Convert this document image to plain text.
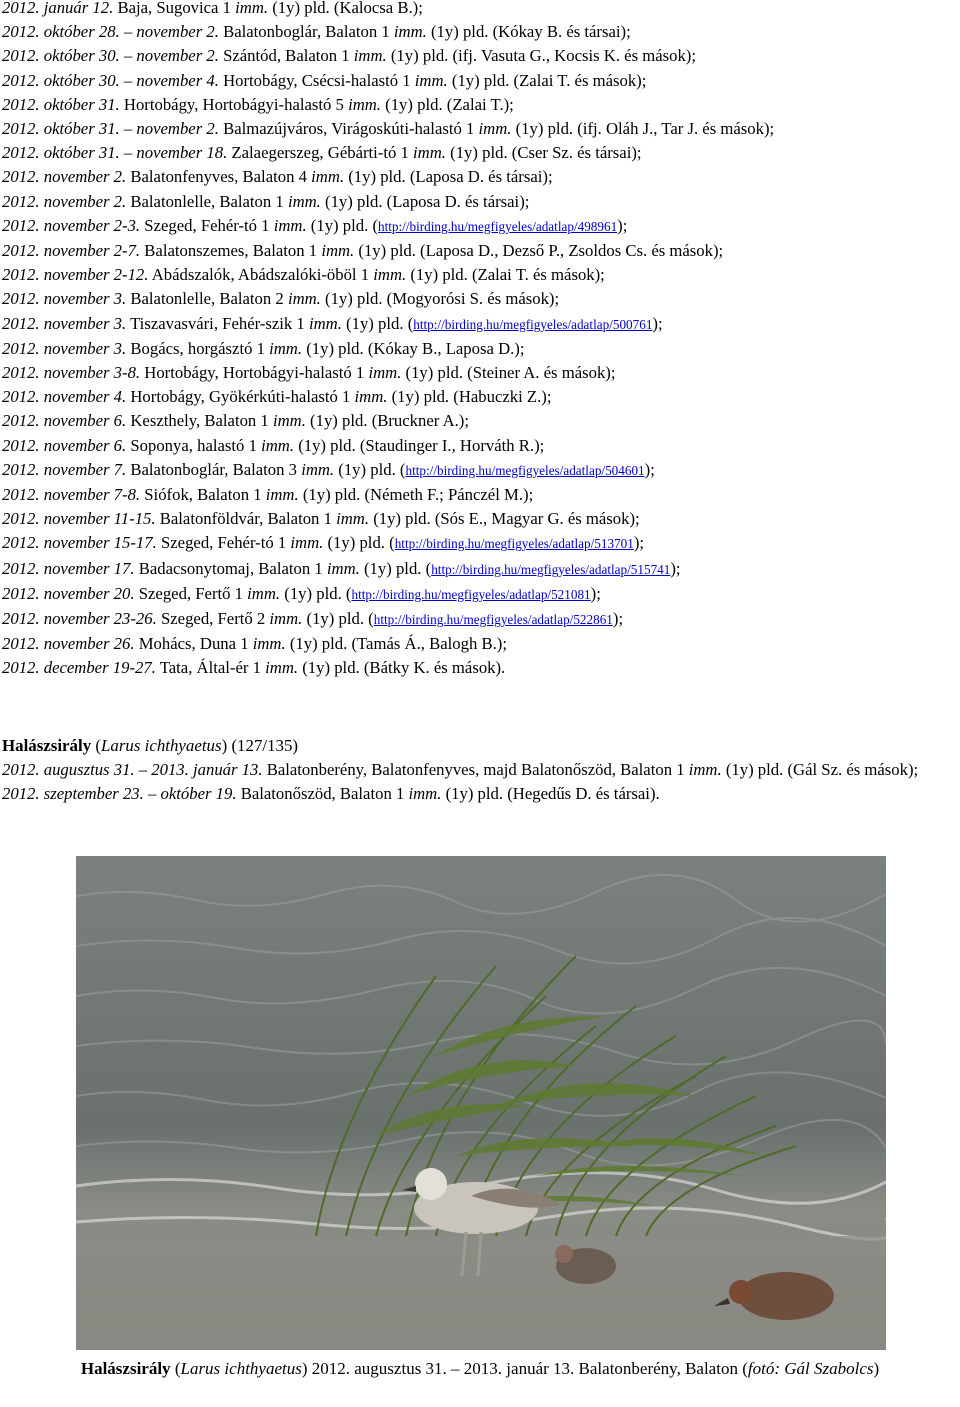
2012. január 12. Baja, Sugovica 1 imm. (1y) pld. (Kalocsa B.);
2012. október 28. – november 2. Balatonboglár, Balaton 1 imm. (1y) pld. (Kókay B. és társai);
2012. október 30. – november 2. Szántód, Balaton 1 imm. (1y) pld. (ifj. Vasuta G., Kocsis K. és mások);
2012. október 30. – november 4. Hortobágy, Csécsi-halastó 1 imm. (1y) pld. (Zalai T. és mások);
2012. október 31. Hortobágy, Hortobágyi-halastó 5 imm. (1y) pld. (Zalai T.);
2012. október 31. – november 2. Balmazújváros, Virágoskúti-halastó 1 imm. (1y) pld. (ifj. Oláh J., Tar J. és mások);
2012. október 31. – november 18. Zalaegerszeg, Gébárti-tó 1 imm. (1y) pld. (Cser Sz. és társai);
2012. november 2. Balatonfenyves, Balaton 4 imm. (1y) pld. (Laposa D. és társai);
2012. november 2. Balatonlelle, Balaton 1 imm. (1y) pld. (Laposa D. és társai);
2012. november 2-3. Szeged, Fehér-tó 1 imm. (1y) pld. (http://birding.hu/megfigyeles/adatlap/498961);
2012. november 2-7. Balatonszemes, Balaton 1 imm. (1y) pld. (Laposa D., Dezső P., Zsoldos Cs. és mások);
2012. november 2-12. Abádszalók, Abádszalóki-öböl 1 imm. (1y) pld. (Zalai T. és mások);
2012. november 3. Balatonlelle, Balaton 2 imm. (1y) pld. (Mogyorósi S. és mások);
2012. november 3. Tiszavasvári, Fehér-szik 1 imm. (1y) pld. (http://birding.hu/megfigyeles/adatlap/500761);
2012. november 3. Bogács, horgásztó 1 imm. (1y) pld. (Kókay B., Laposa D.);
2012. november 3-8. Hortobágy, Hortobágyi-halastó 1 imm. (1y) pld. (Steiner A. és mások);
2012. november 4. Hortobágy, Gyökérkúti-halastó 1 imm. (1y) pld. (Habuczki Z.);
2012. november 6. Keszthely, Balaton 1 imm. (1y) pld. (Bruckner A.);
2012. november 6. Soponya, halastó 1 imm. (1y) pld. (Staudinger I., Horváth R.);
2012. november 7. Balatonboglár, Balaton 3 imm. (1y) pld. (http://birding.hu/megfigyeles/adatlap/504601);
2012. november 7-8. Siófok, Balaton 1 imm. (1y) pld. (Németh F.; Pánczél M.);
2012. november 11-15. Balatonföldvár, Balaton 1 imm. (1y) pld. (Sós E., Magyar G. és mások);
2012. november 15-17. Szeged, Fehér-tó 1 imm. (1y) pld. (http://birding.hu/megfigyeles/adatlap/513701);
2012. november 17. Badacsonytomaj, Balaton 1 imm. (1y) pld. (http://birding.hu/megfigyeles/adatlap/515741);
2012. november 20. Szeged, Fertő 1 imm. (1y) pld. (http://birding.hu/megfigyeles/adatlap/521081);
2012. november 23-26. Szeged, Fertő 2 imm. (1y) pld. (http://birding.hu/megfigyeles/adatlap/522861);
2012. november 26. Mohács, Duna 1 imm. (1y) pld. (Tamás Á., Balogh B.);
2012. december 19-27. Tata, Által-ér 1 imm. (1y) pld. (Bátky K. és mások).
Halászsirály (Larus ichthyaetus) (127/135)
2012. augusztus 31. – 2013. január 13. Balatonberény, Balatonfenyves, majd Balatonőszöd, Balaton 1 imm. (1y) pld. (Gál Sz. és mások);
2012. szeptember 23. – október 19. Balatonőszöd, Balaton 1 imm. (1y) pld. (Hegedűs D. és társai).
Halászsirály (Larus ichthyaetus) 2012. augusztus 31. – 2013. január 13. Balatonberény, Balaton (fotó: Gál Szabolcs)
